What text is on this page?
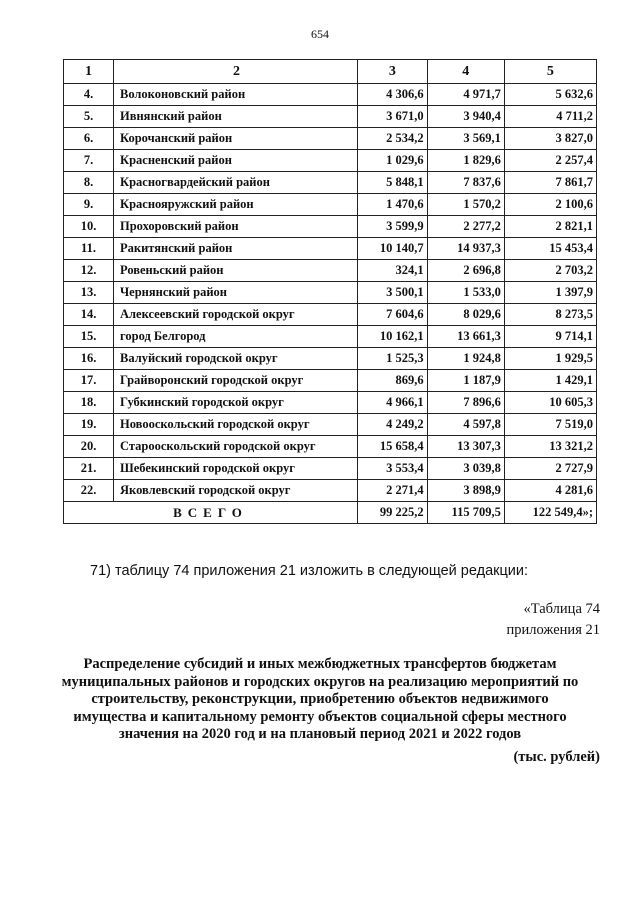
654
1	2	3	4	5
4.	Волоконовский район	4 306,6	4 971,7	5 632,6
5.	Ивнянский район	3 671,0	3 940,4	4 711,2
6.	Корочанский район	2 534,2	3 569,1	3 827,0
7.	Красненский район	1 029,6	1 829,6	2 257,4
8.	Красногвардейский район	5 848,1	7 837,6	7 861,7
9.	Краснояружский район	1 470,6	1 570,2	2 100,6
10.	Прохоровский район	3 599,9	2 277,2	2 821,1
11.	Ракитянский район	10 140,7	14 937,3	15 453,4
12.	Ровеньский район	324,1	2 696,8	2 703,2
13.	Чернянский район	3 500,1	1 533,0	1 397,9
14.	Алексеевский городской округ	7 604,6	8 029,6	8 273,5
15.	город Белгород	10 162,1	13 661,3	9 714,1
16.	Валуйский городской округ	1 525,3	1 924,8	1 929,5
17.	Грайворонский городской округ	869,6	1 187,9	1 429,1
18.	Губкинский городской округ	4 966,1	7 896,6	10 605,3
19.	Новооскольский городской округ	4 249,2	4 597,8	7 519,0
20.	Старооскольский городской округ	15 658,4	13 307,3	13 321,2
21.	Шебекинский городской округ	3 553,4	3 039,8	2 727,9
22.	Яковлевский городской округ	2 271,4	3 898,9	4 281,6
ВСЕГО		99 225,2	115 709,5	122 549,4»;
71) таблицу 74 приложения 21 изложить в следующей редакции:
«Таблица 74
приложения 21
Распределение субсидий и иных межбюджетных трансфертов бюджетам
муниципальных районов и городских округов на реализацию мероприятий по
строительству, реконструкции, приобретению объектов недвижимого
имущества и капитальному ремонту объектов социальной сферы местного
значения на 2020 год и на плановый период 2021 и 2022 годов
(тыс. рублей)
